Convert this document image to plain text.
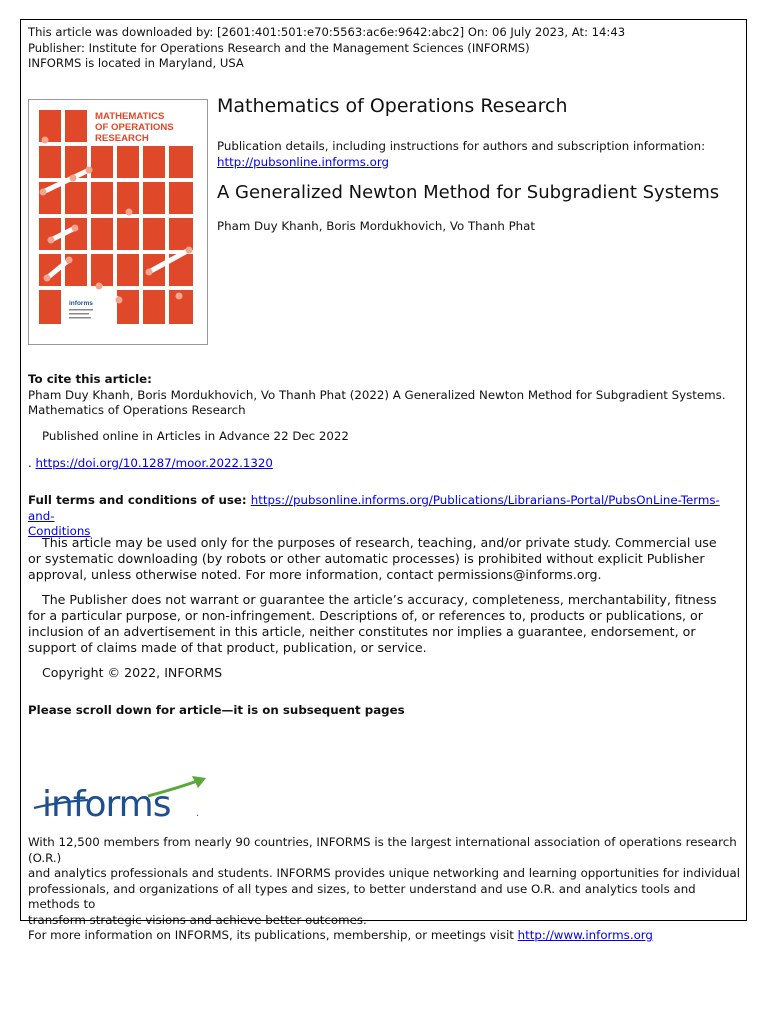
This article was downloaded by: [2601:401:501:e70:5563:ac6e:9642:abc2] On: 06 July 2023, At: 14:43
Publisher: Institute for Operations Research and the Management Sciences (INFORMS)
INFORMS is located in Maryland, USA
MATHEMATICS
OF OPERATIONS
RESEARCH
informs
Mathematics of Operations Research
Publication details, including instructions for authors and subscription information:
http://pubsonline.informs.org
A Generalized Newton Method for Subgradient Systems
Pham Duy Khanh, Boris Mordukhovich, Vo Thanh Phat
To cite this article:
Pham Duy Khanh, Boris Mordukhovich, Vo Thanh Phat (2022) A Generalized Newton Method for Subgradient Systems.
Mathematics of Operations Research
Published online in Articles in Advance 22 Dec 2022
. https://doi.org/10.1287/moor.2022.1320
Full terms and conditions of use: https://pubsonline.informs.org/Publications/Librarians-Portal/PubsOnLine-Terms-and-
Conditions
This article may be used only for the purposes of research, teaching, and/or private study. Commercial use
or systematic downloading (by robots or other automatic processes) is prohibited without explicit Publisher
approval, unless otherwise noted. For more information, contact permissions@informs.org.
The Publisher does not warrant or guarantee the article’s accuracy, completeness, merchantability, fitness
for a particular purpose, or non-infringement. Descriptions of, or references to, products or publications, or
inclusion of an advertisement in this article, neither constitutes nor implies a guarantee, endorsement, or
support of claims made of that product, publication, or service.
Copyright © 2022, INFORMS
Please scroll down for article—it is on subsequent pages
informs	.
With 12,500 members from nearly 90 countries, INFORMS is the largest international association of operations research (O.R.)
and analytics professionals and students. INFORMS provides unique networking and learning opportunities for individual
professionals, and organizations of all types and sizes, to better understand and use O.R. and analytics tools and methods to
transform strategic visions and achieve better outcomes.
For more information on INFORMS, its publications, membership, or meetings visit http://www.informs.org
